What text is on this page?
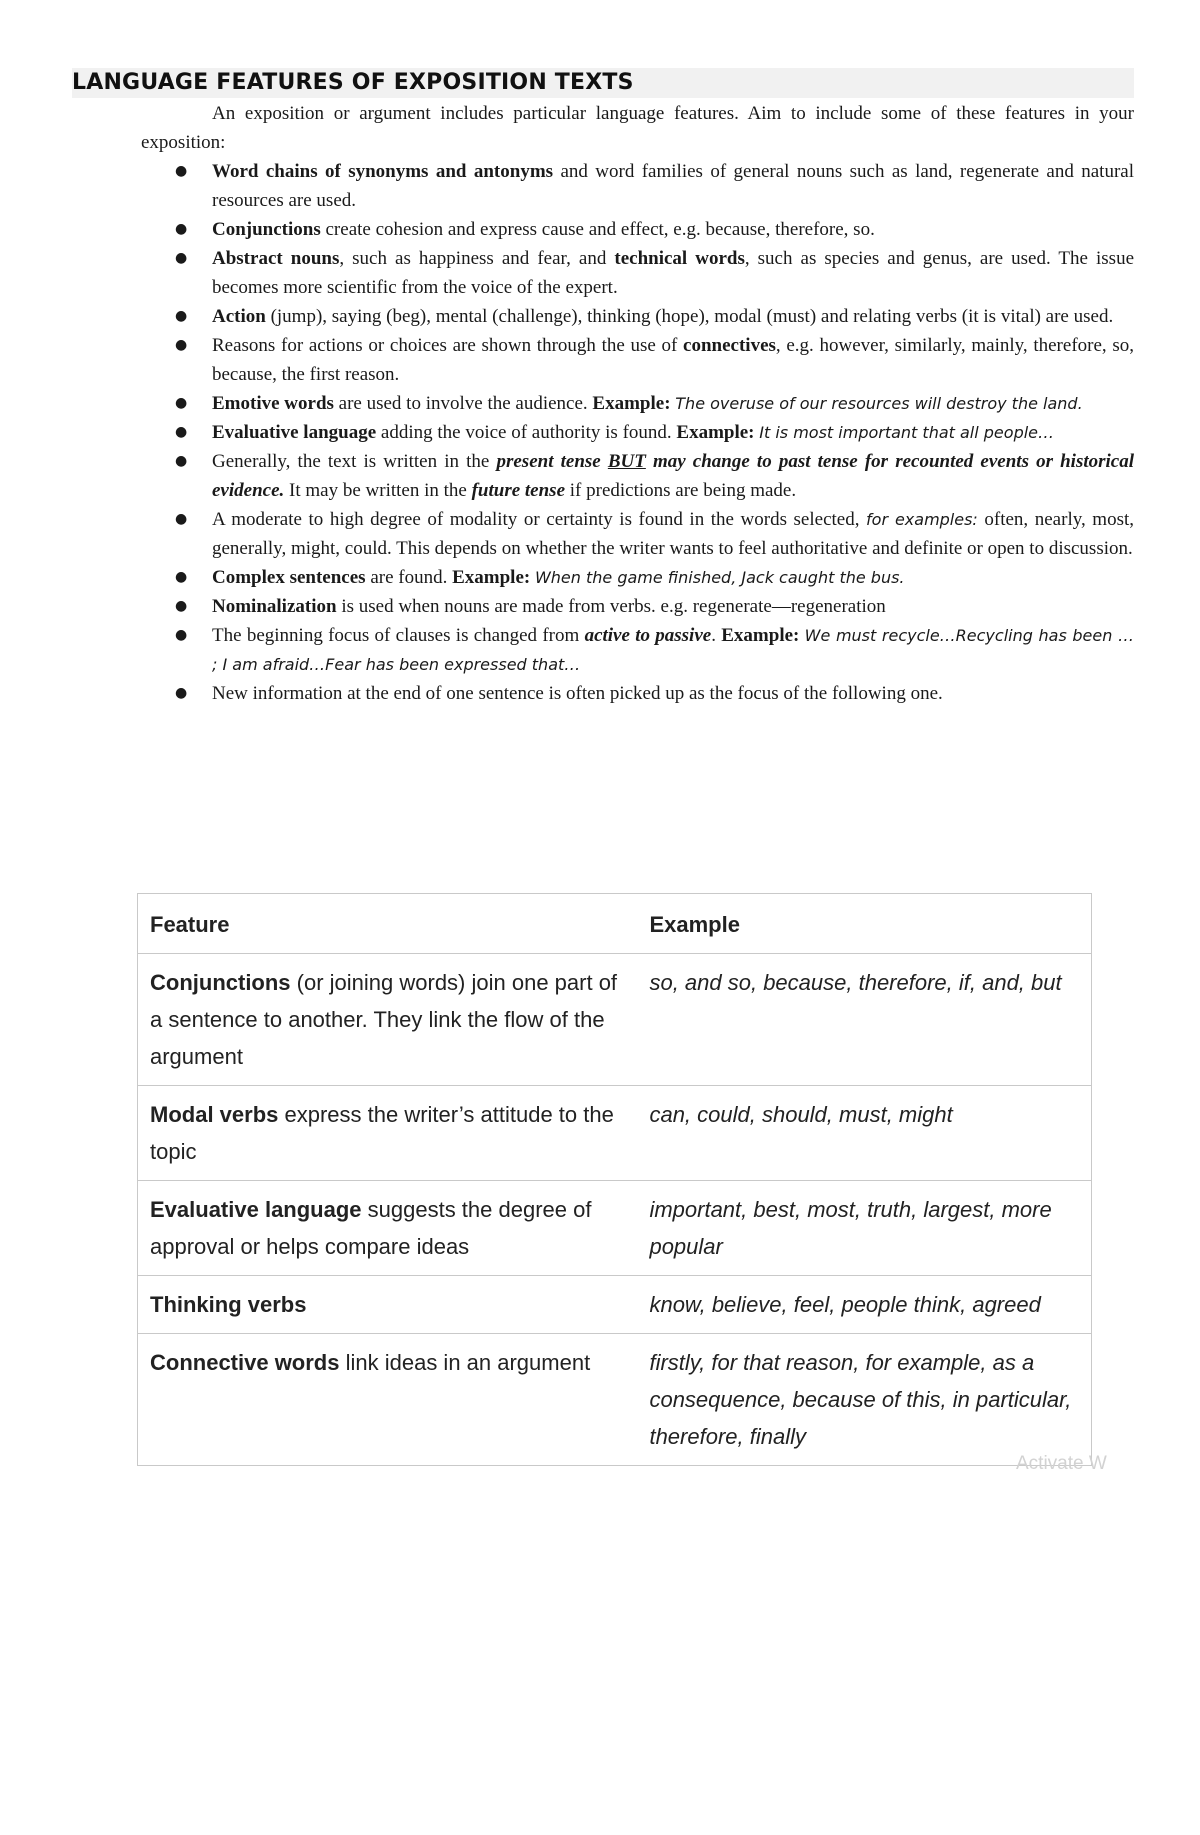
LANGUAGE FEATURES OF EXPOSITION TEXTS
An exposition or argument includes particular language features. Aim to include some of these features in your exposition:
● Word chains of synonyms and antonyms and word families of general nouns such as land, regenerate and natural resources are used.
● Conjunctions create cohesion and express cause and effect, e.g. because, therefore, so.
● Abstract nouns, such as happiness and fear, and technical words, such as species and genus, are used. The issue becomes more scientific from the voice of the expert.
● Action (jump), saying (beg), mental (challenge), thinking (hope), modal (must) and relating verbs (it is vital) are used.
● Reasons for actions or choices are shown through the use of connectives, e.g. however, similarly, mainly, therefore, so, because, the first reason.
● Emotive words are used to involve the audience. Example: The overuse of our resources will destroy the land.
● Evaluative language adding the voice of authority is found. Example: It is most important that all people…
● Generally, the text is written in the present tense BUT may change to past tense for recounted events or historical evidence. It may be written in the future tense if predictions are being made.
● A moderate to high degree of modality or certainty is found in the words selected, for examples: often, nearly, most, generally, might, could. This depends on whether the writer wants to feel authoritative and definite or open to discussion.
● Complex sentences are found. Example: When the game finished, Jack caught the bus.
● Nominalization is used when nouns are made from verbs. e.g. regenerate—regeneration
● The beginning focus of clauses is changed from active to passive. Example: We must recycle…Recycling has been … ; I am afraid…Fear has been expressed that…
● New information at the end of one sentence is often picked up as the focus of the following one.
Feature	Example
Conjunctions (or joining words) join one part of a sentence to another. They link the flow of the argument	so, and so, because, therefore, if, and, but
Modal verbs express the writer’s attitude to the topic	can, could, should, must, might
Evaluative language suggests the degree of approval or helps compare ideas	important, best, most, truth, largest, more popular
Thinking verbs	know, believe, feel, people think, agreed
Connective words link ideas in an argument	firstly, for that reason, for example, as a consequence, because of this, in particular, therefore, finally
Activate W
